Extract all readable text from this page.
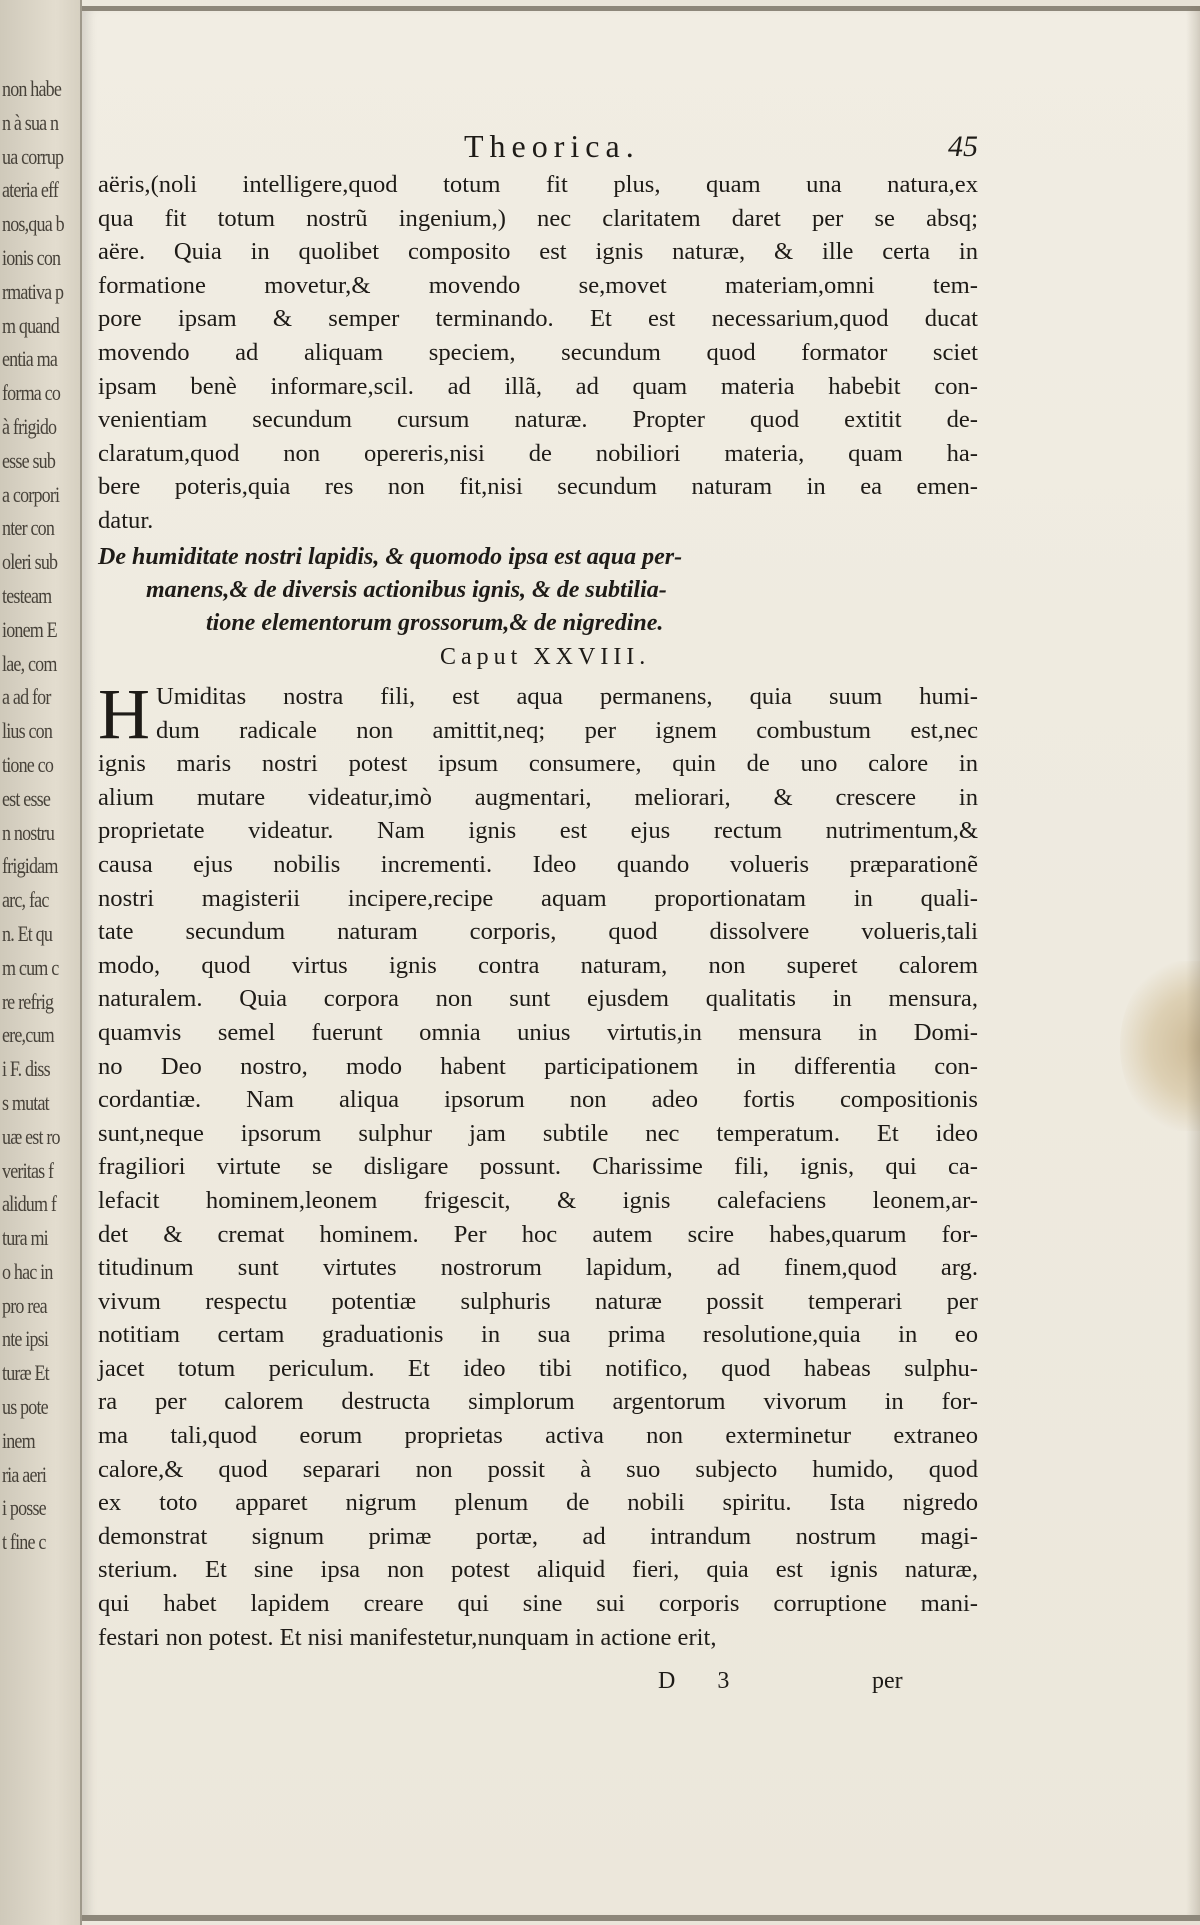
non habe
n à sua n
ua corrup
ateria eff
nos,qua b
ionis con
rmativa p
m quand
entia ma
forma co
à frigido
esse sub
a corpori
nter con
oleri sub
testeam
ionem E
lae, com
a ad for
lius con
tione co
est esse
n nostru
frigidam
arc, fac
n. Et qu
m cum c
re refrig
ere,cum
i F. diss
s mutat
uæ est ro
veritas f
alidum f
tura mi
o hac in
pro rea
nte ipsi
turæ Et
us pote
inem
ria aeri
i posse
t fine c
Theorica.	45
aëris,(noli intelligere,quod totum fit plus, quam una natura,ex
qua fit totum nostrũ ingenium,) nec claritatem daret per se absq;
aëre. Quia in quolibet composito est ignis naturæ, & ille certa in
formatione movetur,& movendo se,movet materiam,omni tem-
pore ipsam & semper terminando. Et est necessarium,quod ducat
movendo ad aliquam speciem, secundum quod formator sciet
ipsam benè informare,scil. ad illã, ad quam materia habebit con-
venientiam secundum cursum naturæ. Propter quod extitit de-
claratum,quod non opereris,nisi de nobiliori materia, quam ha-
bere poteris,quia res non fit,nisi secundum naturam in ea emen-
datur.
De humiditate nostri lapidis, & quomodo ipsa est aqua per-
manens,& de diversis actionibus ignis, & de subtilia-
tione elementorum grossorum,& de nigredine.
Caput XXVIII.
H Umiditas nostra fili, est aqua permanens, quia suum humi-
dum radicale non amittit,neq; per ignem combustum est,nec
ignis maris nostri potest ipsum consumere, quin de uno calore in
alium mutare videatur,imò augmentari, meliorari, & crescere in
proprietate videatur. Nam ignis est ejus rectum nutrimentum,&
causa ejus nobilis incrementi. Ideo quando volueris præparationẽ
nostri magisterii incipere,recipe aquam proportionatam in quali-
tate secundum naturam corporis, quod dissolvere volueris,tali
modo, quod virtus ignis contra naturam, non superet calorem
naturalem. Quia corpora non sunt ejusdem qualitatis in mensura,
quamvis semel fuerunt omnia unius virtutis,in mensura in Domi-
no Deo nostro, modo habent participationem in differentia con-
cordantiæ. Nam aliqua ipsorum non adeo fortis compositionis
sunt,neque ipsorum sulphur jam subtile nec temperatum. Et ideo
fragiliori virtute se disligare possunt. Charissime fili, ignis, qui ca-
lefacit hominem,leonem frigescit, & ignis calefaciens leonem,ar-
det & cremat hominem. Per hoc autem scire habes,quarum for-
titudinum sunt virtutes nostrorum lapidum, ad finem,quod arg.
vivum respectu potentiæ sulphuris naturæ possit temperari per
notitiam certam graduationis in sua prima resolutione,quia in eo
jacet totum periculum. Et ideo tibi notifico, quod habeas sulphu-
ra per calorem destructa simplorum argentorum vivorum in for-
ma tali,quod eorum proprietas activa non exterminetur extraneo
calore,& quod separari non possit à suo subjecto humido, quod
ex toto apparet nigrum plenum de nobili spiritu. Ista nigredo
demonstrat signum primæ portæ, ad intrandum nostrum magi-
sterium. Et sine ipsa non potest aliquid fieri, quia est ignis naturæ,
qui habet lapidem creare qui sine sui corporis corruptione mani-
festari non potest. Et nisi manifestetur,nunquam in actione erit,
D 3	per
